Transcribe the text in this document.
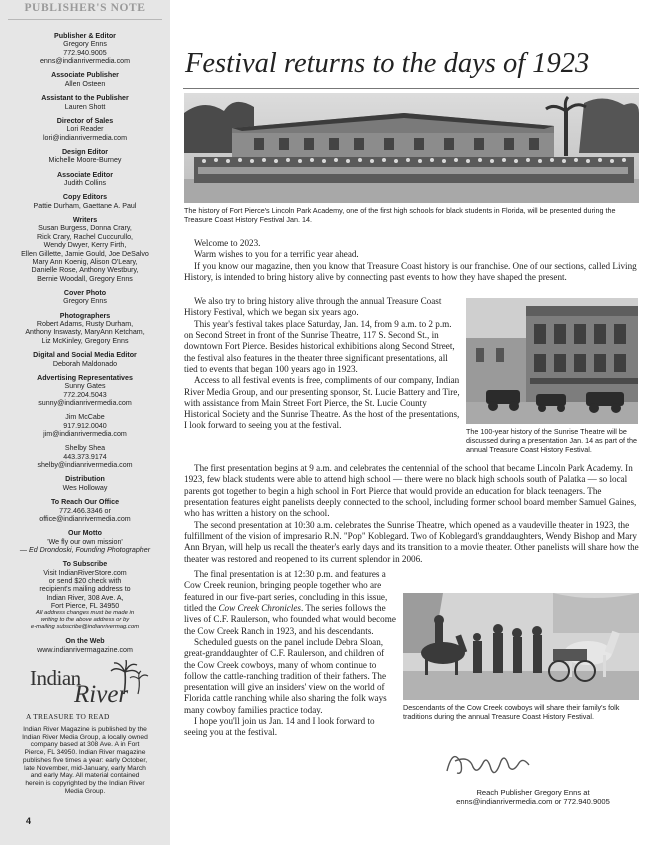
PUBLISHER'S NOTE
Publisher & Editor
Gregory Enns
772.940.9005
enns@indianrivermedia.com
Associate Publisher
Allen Osteen
Assistant to the Publisher
Lauren Shott
Director of Sales
Lori Reader
lori@indianrivermedia.com
Design Editor
Michelle Moore-Burney
Associate Editor
Judith Collins
Copy Editors
Pattie Durham, Gaettane A. Paul
Writers
Susan Burgess, Donna Crary,
Rick Crary, Rachel Cuccurullo,
Wendy Dwyer, Kerry Firth,
Ellen Gillette, Jamie Gould, Joe DeSalvo
Mary Ann Koenig, Alison O'Leary,
Danielle Rose, Anthony Westbury,
Bernie Woodall, Gregory Enns
Cover Photo
Gregory Enns
Photographers
Robert Adams, Rusty Durham,
Anthony Inswasty, MaryAnn Ketcham,
Liz McKinley, Gregory Enns
Digital and Social Media Editor
Deborah Maldonado
Advertising Representatives
Sunny Gates
772.204.5043
sunny@indianrivermedia.com
Jim McCabe
917.912.0040
jim@indianrivermedia.com
Shelby Shea
443.373.9174
shelby@indianrivermedia.com
Distribution
Wes Holloway
To Reach Our Office
772.466.3346 or
office@indianrivermedia.com
Our Motto
'We fly our own mission'
— Ed Drondoski, Founding Photographer
To Subscribe
Visit IndianRiverStore.com
or send $20 check with
recipient's mailing address to
Indian River, 308 Ave. A,
Fort Pierce, FL 34950
All address changes must be made in
writing to the above address or by
e-mailing subscribe@indianrivermag.com
On the Web
www.indianrivermagazine.com
Indian
River
A TREASURE TO READ
Indian River Magazine is published by the Indian River Media Group, a locally owned company based at 308 Ave. A in Fort Pierce, FL 34950. Indian River magazine publishes five times a year: early October, late November, mid-January, early March and early May. All material contained herein is copyrighted by the Indian River Media Group.
4
Festival returns to the days of 1923
The history of Fort Pierce's Lincoln Park Academy, one of the first high schools for black students in Florida, will be presented during the Treasure Coast History Festival Jan. 14.
Welcome to 2023.
Warm wishes to you for a terrific year ahead.
If you know our magazine, then you know that Treasure Coast history is our franchise. One of our sections, called Living History, is intended to bring history alive by connecting past events to how they have shaped the present.
We also try to bring history alive through the annual Treasure Coast History Festival, which we began six years ago.
This year's festival takes place Saturday, Jan. 14, from 9 a.m. to 2 p.m. on Second Street in front of the Sunrise Theatre, 117 S. Second St., in downtown Fort Pierce. Besides historical exhibitions along Second Street, the festival also features in the theater three significant presentations, all tied to events that began 100 years ago in 1923.
Access to all festival events is free, compliments of our company, Indian River Media Group, and our presenting sponsor, St. Lucie Battery and Tire, with assistance from Main Street Fort Pierce, the St. Lucie County Historical Society and the Sunrise Theatre. As the host of the presentations, I look forward to seeing you at the festival.
The 100-year history of the Sunrise Theatre will be discussed during a presentation Jan. 14 as part of the annual Treasure Coast History Festival.
The first presentation begins at 9 a.m. and celebrates the centennial of the school that became Lincoln Park Academy. In 1923, few black students were able to attend high school — there were no black high schools south of Palatka — so local parents got together to begin a high school in Fort Pierce that would provide an education for black teenagers. The presentation features eight panelists deeply connected to the school, including former school board member Samuel Gaines, who has written a history on the school.
The second presentation at 10:30 a.m. celebrates the Sunrise Theatre, which opened as a vaudeville theater in 1923, the fulfillment of the vision of impresario R.N. "Pop" Koblegard. Two of Koblegard's granddaughters, Wendy Bishop and Mary Ann Bryan, will help us recall the theater's early days and its transition to a movie theater. Other panelists will share how the theater was restored and reopened to its current splendor in 2006.
The final presentation is at 12:30 p.m. and features a Cow Creek reunion, bringing people together who are featured in our five-part series, concluding in this issue, titled the Cow Creek Chronicles. The series follows the lives of C.F. Raulerson, who founded what would become the Cow Creek Ranch in 1923, and his descendants.
Scheduled guests on the panel include Debra Sloan, great-granddaughter of C.F. Raulerson, and children of the Cow Creek cowboys, many of whom continue to follow the cattle-ranching tradition of their fathers. The presentation will give an insiders' view on the world of Florida cattle ranching while also sharing the folk ways many cowboy families practice today.
I hope you'll join us Jan. 14 and I look forward to seeing you at the festival.
Descendants of the Cow Creek cowboys will share their family's folk traditions during the annual Treasure Coast History Festival.
Reach Publisher Gregory Enns at
enns@indianrivermedia.com or 772.940.9005
